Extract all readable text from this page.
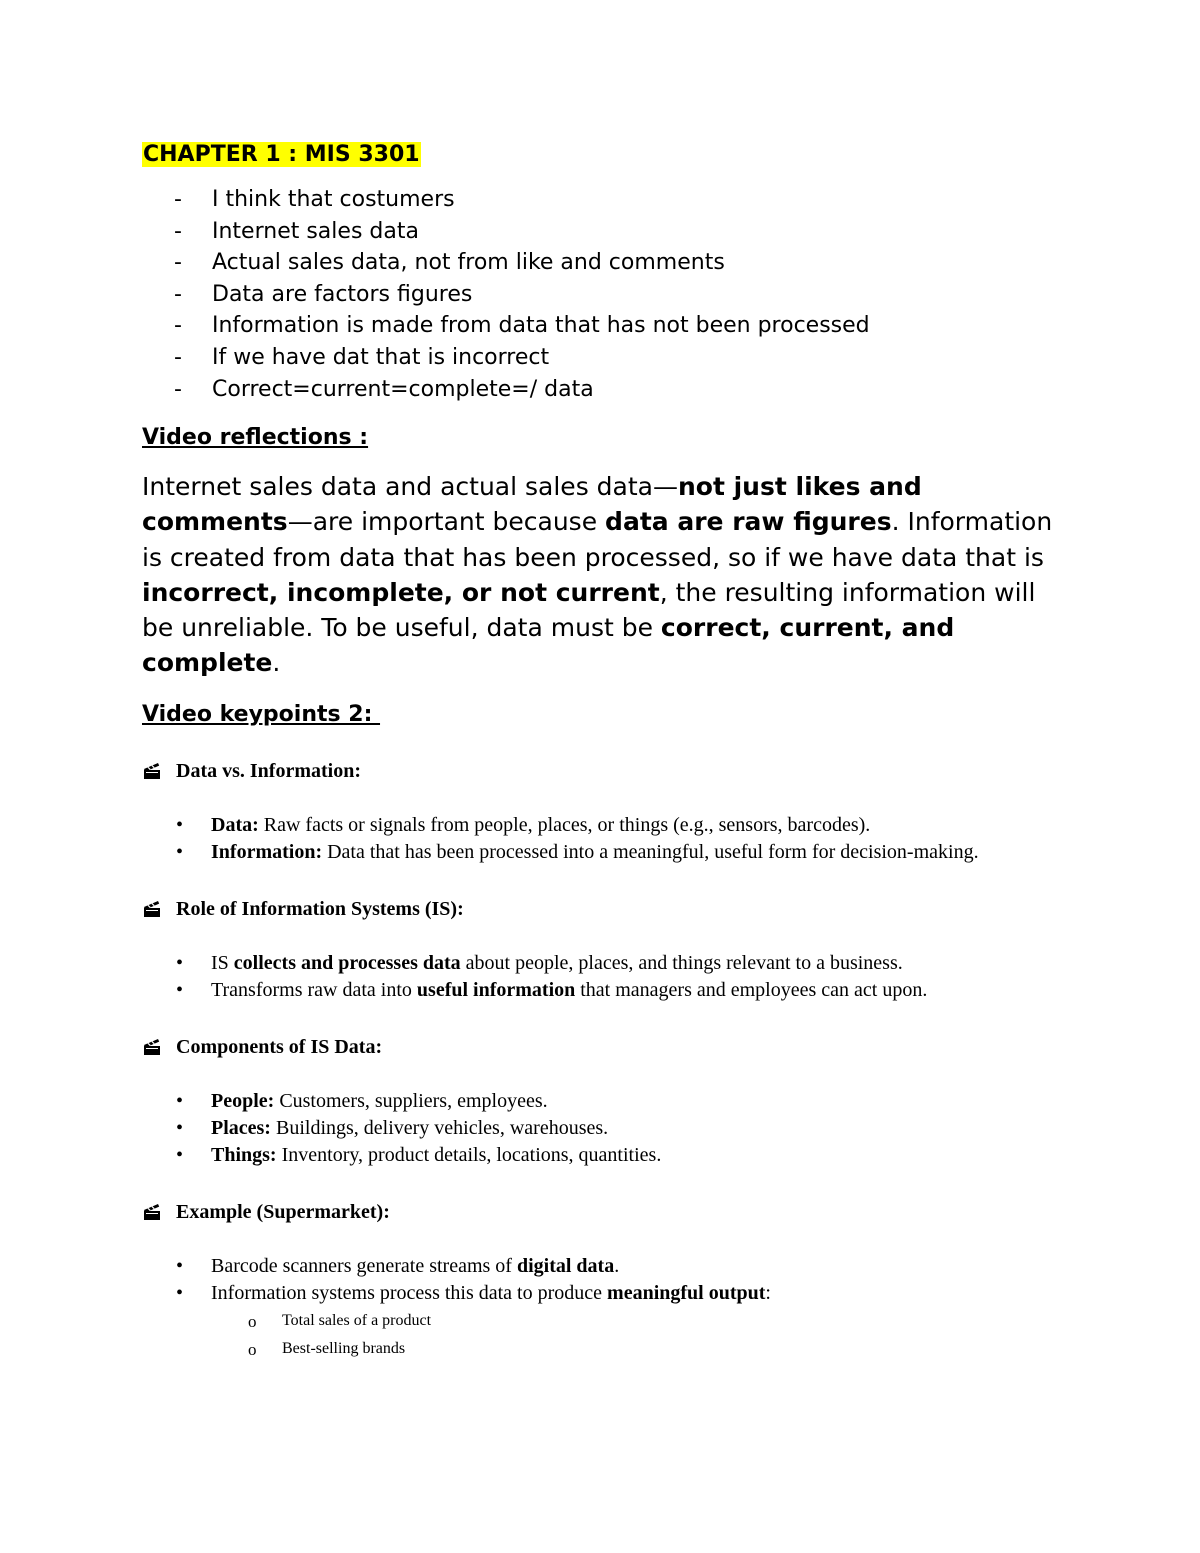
CHAPTER 1 : MIS 3301
- I think that costumers
- Internet sales data
- Actual sales data, not from like and comments
- Data are factors figures
- Information is made from data that has not been processed
- If we have dat that is incorrect
- Correct=current=complete=/ data
Video reflections :

Internet sales data and actual sales data—not just likes and comments—are important because data are raw figures. Information is created from data that has been processed, so if we have data that is incorrect, incomplete, or not current, the resulting information will be unreliable. To be useful, data must be correct, current, and complete.

Video keypoints 2:
Data vs. Information:
• Data: Raw facts or signals from people, places, or things (e.g., sensors, barcodes).
• Information: Data that has been processed into a meaningful, useful form for decision-making.
Role of Information Systems (IS):
• IS collects and processes data about people, places, and things relevant to a business.
• Transforms raw data into useful information that managers and employees can act upon.
Components of IS Data:
• People: Customers, suppliers, employees.
• Places: Buildings, delivery vehicles, warehouses.
• Things: Inventory, product details, locations, quantities.
Example (Supermarket):
• Barcode scanners generate streams of digital data.
• Information systems process this data to produce meaningful output:
o Total sales of a product
o Best-selling brands
